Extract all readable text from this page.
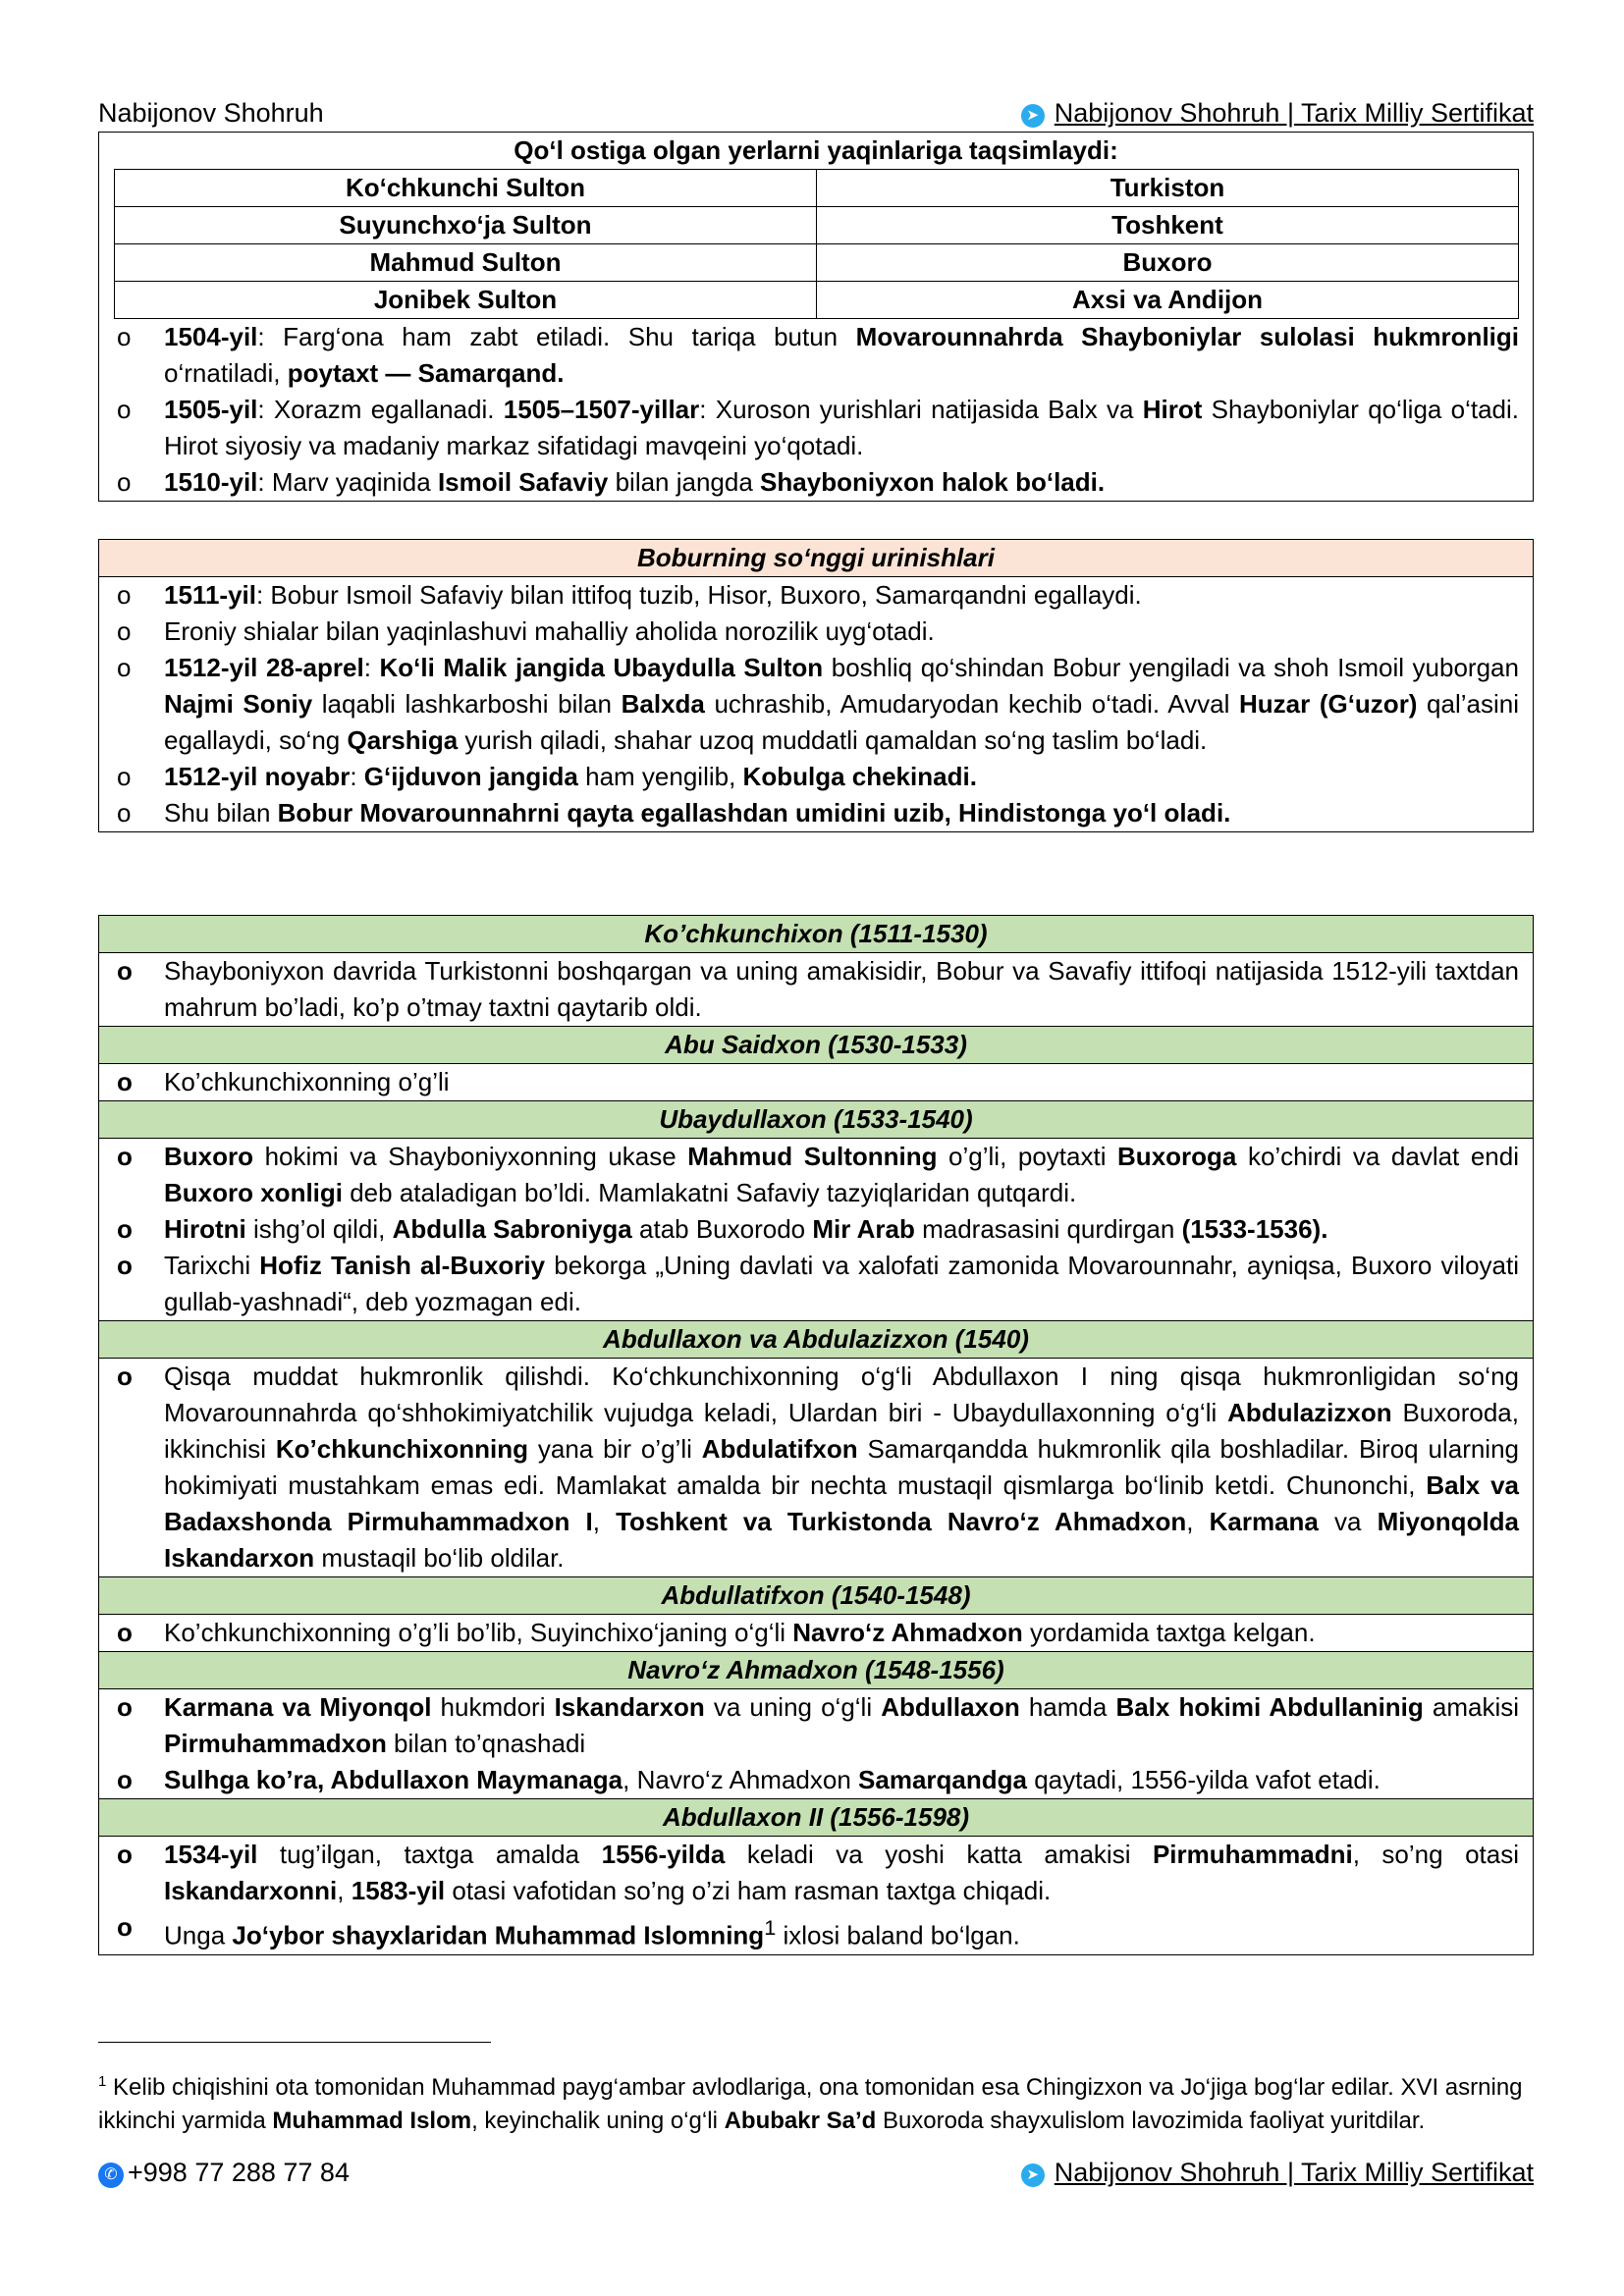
Nabijonov Shohruh	➤ Nabijonov Shohruh | Tarix Milliy Sertifikat
Qo‘l ostiga olgan yerlarni yaqinlariga taqsimlaydi:
Ko‘chkunchi Sulton	Turkiston
Suyunchxo‘ja Sulton	Toshkent
Mahmud Sulton	Buxoro
Jonibek Sulton	Axsi va Andijon
o 1504-yil: Farg‘ona ham zabt etiladi. Shu tariqa butun Movarounnahrda Shayboniylar sulolasi hukmronligi o‘rnatiladi, poytaxt — Samarqand.
o 1505-yil: Xorazm egallanadi. 1505–1507-yillar: Xuroson yurishlari natijasida Balx va Hirot Shayboniylar qo‘liga o‘tadi. Hirot siyosiy va madaniy markaz sifatidagi mavqeini yo‘qotadi.
o 1510-yil: Marv yaqinida Ismoil Safaviy bilan jangda Shayboniyxon halok bo‘ladi.
Boburning so‘nggi urinishlari
o 1511-yil: Bobur Ismoil Safaviy bilan ittifoq tuzib, Hisor, Buxoro, Samarqandni egallaydi.
o Eroniy shialar bilan yaqinlashuvi mahalliy aholida norozilik uyg‘otadi.
o 1512-yil 28-aprel: Ko‘li Malik jangida Ubaydulla Sulton boshliq qo‘shindan Bobur yengiladi va shoh Ismoil yuborgan Najmi Soniy laqabli lashkarboshi bilan Balxda uchrashib, Amudaryodan kechib o‘tadi. Avval Huzar (G‘uzor) qal’asini egallaydi, so‘ng Qarshiga yurish qiladi, shahar uzoq muddatli qamaldan so‘ng taslim bo‘ladi.
o 1512-yil noyabr: G‘ijduvon jangida ham yengilib, Kobulga chekinadi.
o Shu bilan Bobur Movarounnahrni qayta egallashdan umidini uzib, Hindistonga yo‘l oladi.
Ko’chkunchixon (1511-1530)
o Shayboniyxon davrida Turkistonni boshqargan va uning amakisidir, Bobur va Savafiy ittifoqi natijasida 1512-yili taxtdan mahrum bo’ladi, ko’p o’tmay taxtni qaytarib oldi.
Abu Saidxon (1530-1533)
o Ko’chkunchixonning o’g’li
Ubaydullaxon (1533-1540)
o Buxoro hokimi va Shayboniyxonning ukase Mahmud Sultonning o’g’li, poytaxti Buxoroga ko’chirdi va davlat endi Buxoro xonligi deb ataladigan bo’ldi. Mamlakatni Safaviy tazyiqlaridan qutqardi.
o Hirotni ishg’ol qildi, Abdulla Sabroniyga atab Buxorodo Mir Arab madrasasini qurdirgan (1533-1536).
o Tarixchi Hofiz Tanish al-Buxoriy bekorga „Uning davlati va xalofati zamonida Movarounnahr, ayniqsa, Buxoro viloyati gullab-yashnadi“, deb yozmagan edi.
Abdullaxon va Abdulazizxon (1540)
o Qisqa muddat hukmronlik qilishdi. Ko‘chkunchixonning o‘g‘li Abdullaxon I ning qisqa hukmronligidan so‘ng Movarounnahrda qo‘shhokimiyatchilik vujudga keladi, Ulardan biri - Ubaydullaxonning o‘g‘li Abdulazizxon Buxoroda, ikkinchisi Ko’chkunchixonning yana bir o’g’li Abdulatifxon Samarqandda hukmronlik qila boshladilar. Biroq ularning hokimiyati mustahkam emas edi. Mamlakat amalda bir nechta mustaqil qismlarga bo‘linib ketdi. Chunonchi, Balx va Badaxshonda Pirmuhammadxon I, Toshkent va Turkistonda Navro‘z Ahmadxon, Karmana va Miyonqolda Iskandarxon mustaqil bo‘lib oldilar.
Abdullatifxon (1540-1548)
o Ko’chkunchixonning o’g’li bo’lib, Suyinchixo‘janing o‘g‘li Navro‘z Ahmadxon yordamida taxtga kelgan.
Navro‘z Ahmadxon (1548-1556)
o Karmana va Miyonqol hukmdori Iskandarxon va uning o‘g‘li Abdullaxon hamda Balx hokimi Abdullaninig amakisi Pirmuhammadxon bilan to’qnashadi
o Sulhga ko’ra, Abdullaxon Maymanaga, Navro‘z Ahmadxon Samarqandga qaytadi, 1556-yilda vafot etadi.
Abdullaxon II (1556-1598)
o 1534-yil tug’ilgan, taxtga amalda 1556-yilda keladi va yoshi katta amakisi Pirmuhammadni, so’ng otasi Iskandarxonni, 1583-yil otasi vafotidan so’ng o’zi ham rasman taxtga chiqadi.
o Unga Jo‘ybor shayxlaridan Muhammad Islomning$^1$ ixlosi baland bo‘lgan.
$^1$ Kelib chiqishini ota tomonidan Muhammad payg‘ambar avlodlariga, ona tomonidan esa Chingizxon va Jo‘jiga bog‘lar edilar. XVI asrning ikkinchi yarmida Muhammad Islom, keyinchalik uning o‘g‘li Abubakr Sa’d Buxoroda shayxulislom lavozimida faoliyat yuritdilar.
✆ +998 77 288 77 84	➤ Nabijonov Shohruh | Tarix Milliy Sertifikat
